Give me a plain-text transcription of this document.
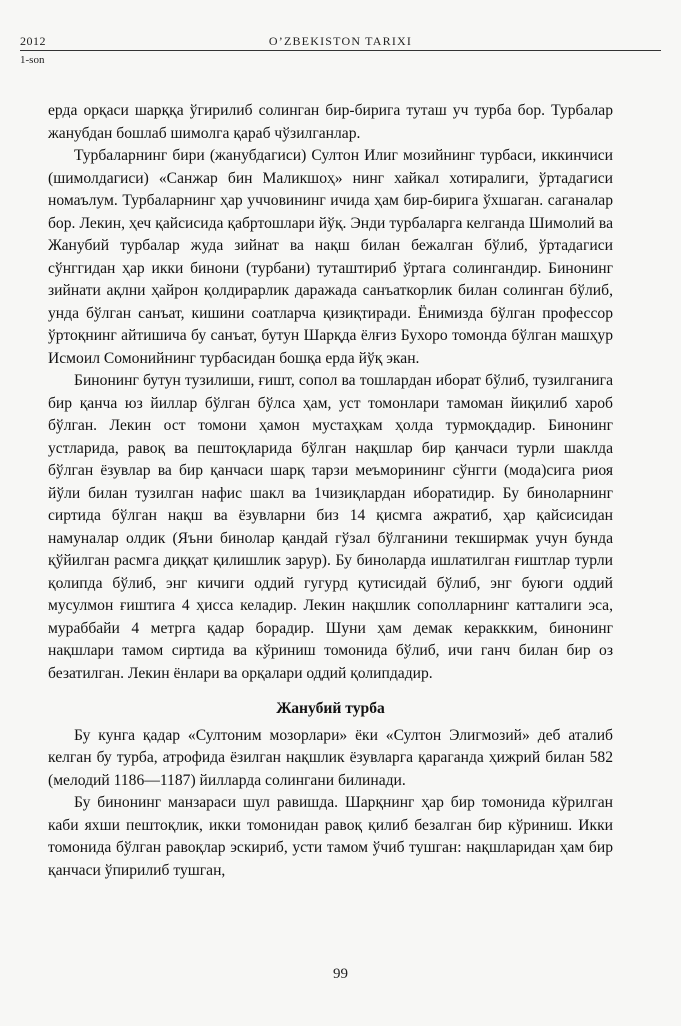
2012	O’ZBEKISTON TARIXI
1-son

ерда орқаси шарққа ўгирилиб солинган бир-бирига туташ уч турба бор. Турбалар жанубдан бошлаб шимолга қараб чўзилганлар.

Турбаларнинг бири (жанубдагиси) Султон Илиг мозийнинг турбаси, иккинчиси (шимолдагиси) «Санжар бин Маликшоҳ» нинг хайкал хотиралиги, ўртадагиси номаълум. Турбаларнинг ҳар уччовининг ичида ҳам бир-бирига ўхшаган. саганалар бор. Лекин, ҳеч қайсисида қабртошлари йўқ. Энди турбаларга келганда Шимолий ва Жанубий турбалар жуда зийнат ва нақш билан бежалган бўлиб, ўртадагиси сўнггидан ҳар икки бинони (турбани) туташтириб ўртага солингандир. Бинонинг зийнати ақлни ҳайрон қолдирарлик даражада санъаткорлик билан солинган бўлиб, унда бўлган санъат, кишини соатларча қизиқтиради. Ёнимизда бўлган профессор ўртоқнинг айтишича бу санъат, бутун Шарқда ёлғиз Бухоро томонда бўлган машҳур Исмоил Сомонийнинг турбасидан бошқа ерда йўқ экан.

Бинонинг бутун тузилиши, ғишт, сопол ва тошлардан иборат бўлиб, тузилганига бир қанча юз йиллар бўлган бўлса ҳам, уст томонлари тамоман йиқилиб хароб бўлган. Лекин ост томони ҳамон мустаҳкам ҳолда турмоқдадир. Бинонинг устларида, равоқ ва пештоқларида бўлган нақшлар бир қанчаси турли шаклда бўлган ёзувлар ва бир қанчаси шарқ тарзи меъморининг сўнгги (мода)сига риоя йўли билан тузилган нафис шакл ва 1чизиқлардан иборатидир. Бу биноларнинг сиртида бўлган нақш ва ёзувларни биз 14 қисмга ажратиб, ҳар қайсисидан намуналар олдик (Яъни бинолар қандай гўзал бўлганини текширмак учун бунда қўйилган расмга диққат қилишлик зарур). Бу биноларда ишлатилган ғиштлар турли қолипда бўлиб, энг кичиги оддий гугурд қутисидай бўлиб, энг буюги оддий мусулмон ғиштига 4 ҳисса келадир. Лекин нақшлик сополларнинг катталиги эса, мураббайи 4 метрга қадар борадир. Шуни ҳам демак кераккким, бинонинг нақшлари тамом сиртида ва кўриниш томонида бўлиб, ичи ганч билан бир оз безатилган. Лекин ёнлари ва орқалари оддий қолипдадир.

Жанубий турба

Бу кунга қадар «Султоним мозорлари» ёки «Султон Элигмозий» деб аталиб келган бу турба, атрофида ёзилган нақшлик ёзувларга қарагандa ҳижрий билан 582 (мелодий 1186—1187) йилларда солингани билинади.

Бу бинонинг манзараси шул равишда. Шарқнинг ҳар бир томонида кўрилган каби яхши пештоқлик, икки томонидан равоқ қилиб безалган бир кўриниш. Икки томонида бўлган равоқлар эскириб, усти тамом ўчиб тушган: нақшларидан ҳам бир қанчаси ўпирилиб тушган,

99
